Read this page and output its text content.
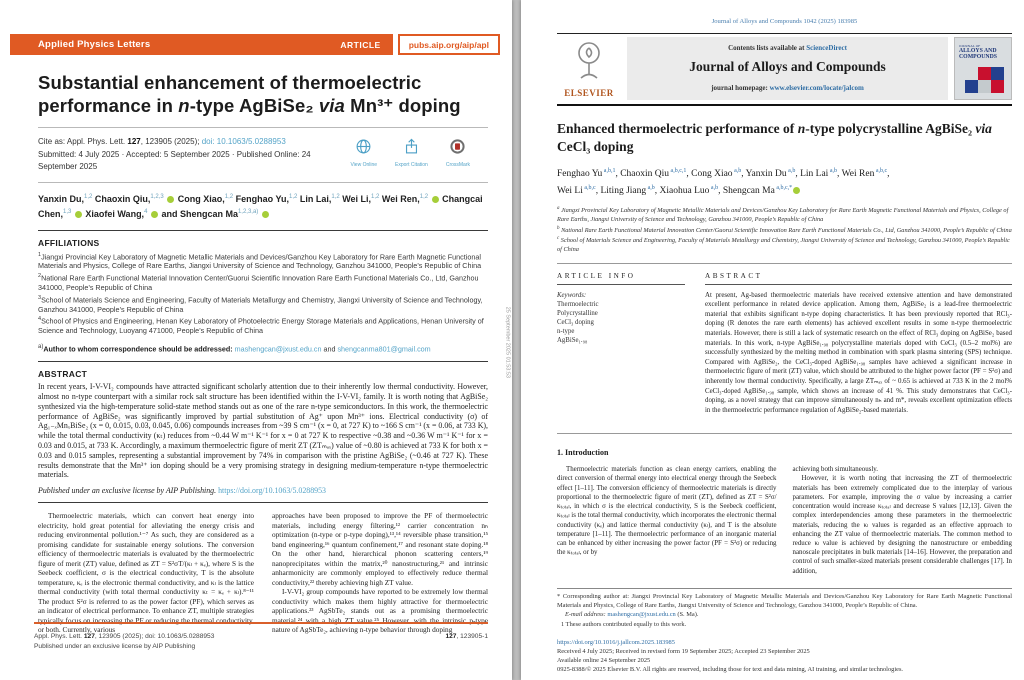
Applied Physics Letters	ARTICLE	pubs.aip.org/aip/apl
Substantial enhancement of thermoelectric performance in n-type AgBiSe₂ via Mn³⁺ doping

Cite as: Appl. Phys. Lett. 127, 123905 (2025); doi: 10.1063/5.0288953

Submitted: 4 July 2025 · Accepted: 5 September 2025 · Published Online: 24 September 2025	View Online	Export Citation	CrossMark

Yanxin Du,$^{1,2}$ Chaoxin Qiu,$^{1,2,3}$ Cong Xiao,$^{1,2}$ Fenghao Yu,$^{1,2}$ Lin Lai,$^{1,2}$ Wei Li,$^{1,2}$ Wei Ren,$^{1,2}$ Changcai Chen,$^{1,3}$ Xiaofei Wang,$^4$ and Shengcan Ma$^{1,2,3,a)}$

AFFILIATIONS

$^1$Jiangxi Provincial Key Laboratory of Magnetic Metallic Materials and Devices/Ganzhou Key Laboratory for Rare Earth Magnetic Functional Materials and Physics, College of Rare Earths, Jiangxi University of Science and Technology, Ganzhou 341000, People’s Republic of China

$^2$National Rare Earth Functional Material Innovation Center/Guorui Scientific Innovation Rare Earth Functional Materials Co., Ltd, Ganzhou 341000, People’s Republic of China

$^3$School of Materials Science and Engineering, Faculty of Materials Metallurgy and Chemistry, Jiangxi University of Science and Technology, Ganzhou 341000, People’s Republic of China

$^4$School of Physics and Engineering, Henan Key Laboratory of Photoelectric Energy Storage Materials and Applications, Henan University of Science and Technology, Luoyang 471000, People’s Republic of China

$^{a)}$Author to whom correspondence should be addressed: mashengcan@jxust.edu.cn and shengcanma801@gmail.com

ABSTRACT

In recent years, I-V-VI₂ compounds have attracted significant scholarly attention due to their inherently low thermal conductivity. However, almost no n-type counterpart with a similar rock salt structure has been identified within the I-V-VI₂ family. It is worth noting that AgBiSe₂ synthesized via the high-temperature solid-state method stands out as one of the rare n-type semiconductors. In this work, the thermoelectric performance of AgBiSe₂ was significantly improved by partial substitution of Ag⁺ upon Mn³⁺ ions. Electrical conductivity (σ) of Ag₁₋ₓMnₓBiSe₂ (x = 0, 0.015, 0.03, 0.045, 0.06) compounds increases from ~39 S cm⁻¹ (x = 0, at 727 K) to ~166 S cm⁻¹ (x = 0.06, at 733 K), while the total thermal conductivity (κₜ) reduces from ~0.44 W m⁻¹ K⁻¹ for x = 0 at 727 K to respective ~0.38 and ~0.36 W m⁻¹ K⁻¹ for x = 0.03 and 0.015, at 733 K. Accordingly, a maximum thermoelectric figure of merit ZT (ZTₘₐₓ) value of ~0.80 is achieved at 733 K for both x = 0.03 and 0.015 samples, representing a substantial improvement by 74% in comparison with the pristine AgBiSe₂ (~0.46 at 727 K). These results demonstrate that the Mn³⁺ ion doping should be a very promising strategy in designing medium-temperature n-type thermoelectric materials.

Published under an exclusive license by AIP Publishing. https://doi.org/10.1063/5.0288953

Thermoelectric materials, which can convert heat energy into electricity, hold great potential for alleviating the energy crisis and reducing environmental pollution.¹⁻⁷ As such, they are considered as a promising candidate for sustainable energy solutions. The conversion efficiency of thermoelectric materials is evaluated by the thermoelectric figure of merit (ZT) value, defined as ZT = S²σT/(κₗ + κₑ), where S is the Seebeck coefficient, σ is the electrical conductivity, T is the absolute temperature, κₑ is the electronic thermal conductivity, and κₗ is the lattice thermal conductivity (with total thermal conductivity κₜ = κₑ + κₗ).⁸⁻¹¹ The product S²σ is referred to as the power factor (PF), which serves as an indicator of electrical performance. To enhance ZT, multiple strategies typically focus on increasing the PF or reducing the thermal conductivity, or both. Currently, various

approaches have been proposed to improve the PF of thermoelectric materials, including energy filtering,¹² carrier concentration nₕ optimization (n-type or p-type doping),¹³,¹⁴ reversible phase transition,¹⁵ band engineering,¹⁶ quantum confinement,¹⁷ and resonant state doping.¹⁸ On the other hand, hierarchical phonon scattering centers,¹⁹ nanoprecipitates within the matrix,²⁰ nanostructuring,²¹ and intrinsic anharmonicity are commonly employed to effectively reduce thermal conductivity,²² thereby achieving high ZT value.

I-V-VI₂ group compounds have reported to be extremely low thermal conductivity which makes them highly attractive for thermoelectric applications.²³ AgSbTe₂ stands out as a promising thermoelectric material,²⁴ with a high ZT value.²⁵ However, with the intrinsic p-type nature of AgSbTe₂, achieving n-type behavior through doping

Appl. Phys. Lett. 127, 123905 (2025); doi: 10.1063/5.0288953
Published under an exclusive license by AIP Publishing
127, 123905-1
25 September 2025 01:53:53
Journal of Alloys and Compounds 1042 (2025) 183985
ELSEVIER
Contents lists available at ScienceDirect
Journal of Alloys and Compounds
journal homepage: www.elsevier.com/locate/jalcom
JOURNAL OF
ALLOYS AND COMPOUNDS
Enhanced thermoelectric performance of n-type polycrystalline AgBiSe₂ via CeCl₃ doping

Fenghao Yu $^{a,b,1}$, Chaoxin Qiu $^{a,b,c,1}$, Cong Xiao $^{a,b}$, Yanxin Du $^{a,b}$, Lin Lai $^{a,b}$, Wei Ren $^{a,b,c}$, Wei Li $^{a,b,c}$, Liting Jiang $^{a,b}$, Xiaohua Luo $^{a,b}$, Shengcan Ma $^{a,b,c,*}$

$^a$ Jiangxi Provincial Key Laboratory of Magnetic Metallic Materials and Devices/Ganzhou Key Laboratory for Rare Earth Magnetic Functional Materials and Physics, College of Rare Earths, Jiangxi University of Science and Technology, Ganzhou 341000, People’s Republic of China

$^b$ National Rare Earth Functional Material Innovation Center/Guorui Scientific Innovation Rare Earth Functional Materials Co., Ltd, Ganzhou 341000, People’s Republic of China

$^c$ School of Materials Science and Engineering, Faculty of Materials Metallurgy and Chemistry, Jiangxi University of Science and Technology, Ganzhou 341000, People’s Republic of China

ARTICLE INFO
Keywords:
Thermoelectric
Polycrystalline
CeCl₃ doping
n-type
AgBiSe₁.₉₈
ABSTRACT

At present, Ag-based thermoelectric materials have received extensive attention and have demonstrated excellent performance in related device application. Among them, AgBiSe₂ is a lead-free thermoelectric material that exhibits significant n-type doping characteristics. It has been previously reported that RCl₃-doping (R denotes the rare earth elements) has achieved excellent results in some n-type thermoelectric materials. However, there is still a lack of systematic research on the effect of RCl₃ doping on AgBiSe₂ based materials. In this work, n-type AgBiSe₁.₉₈ polycrystalline materials doped with CeCl₃ (0.5–2 mol%) are successfully synthesized by the melting method in combination with spark plasma sintering (SPS) technique. Compared with AgBiSe₂, the CeCl₃-doped AgBiSe₁.₉₈ samples have achieved a significant increase in thermoelectric figure of merit (ZT) value, which should be attributed to the higher power factor (PF = S²σ) and inherently low thermal conductivity. Specifically, a large ZTₘₐₓ of ~ 0.65 is achieved at 733 K in the 2 mol% CeCl₃-doped AgBiSe₁.₉₈ sample, which shows an increase of 41 %. This study demonstrates that CeCl₃-doping, as a novel strategy that can improve simultaneously nₕ and m*, reveals excellent optimization effects in the thermoelectric performance regulation of AgBiSe₂-based materials.

1. Introduction

Thermoelectric materials function as clean energy carriers, enabling the direct conversion of thermal energy into electrical energy through the Seebeck effect [1–11]. The conversion efficiency of thermoelectric materials is directly proportional to the thermoelectric figure of merit (ZT), defined as ZT = S²σ/κₜₒₜₐₗ, in which σ is the electrical conductivity, S is the Seebeck coefficient, κₜₒₜₐₗ is the total thermal conductivity, which incorporates the electronic thermal conductivity (κₑ) and lattice thermal conductivity (κₗ), and T is the absolute temperature [1–11]. The thermoelectric performance of an inorganic material can be enhanced by either increasing the power factor (PF = S²σ) or reducing the κₜₒₜₐₗ, or by

achieving both simultaneously.

However, it is worth noting that increasing the ZT of thermoelectric materials has been extremely complicated due to the interplay of various parameters. For example, improving the σ value by increasing a carrier concentration would increase κₜₒₜₐₗ and decrease S values [12,13]. Given the complex interdependencies among these parameters in the thermoelectric materials, reducing the κₗ values is regarded as an effective approach to enhancing the ZT value of thermoelectric materials. The common method to reduce κₗ value is achieved by designing the nanostructure or embedding nanoscale precipitates in bulk materials [14–16]. However, the preparation and control of such smaller-sized materials present considerable challenges [17]. In addition,

* Corresponding author at: Jiangxi Provincial Key Laboratory of Magnetic Metallic Materials and Devices/Ganzhou Key Laboratory for Rare Earth Magnetic Functional Materials and Physics, College of Rare Earths, Jiangxi University of Science and Technology, Ganzhou 341000, People’s Republic of China.
E-mail address: mashengcan@jxust.edu.cn (S. Ma).
1 These authors contributed equally to this work.
https://doi.org/10.1016/j.jallcom.2025.183985
Received 4 July 2025; Received in revised form 19 September 2025; Accepted 23 September 2025
Available online 24 September 2025
0925-8388/© 2025 Elsevier B.V. All rights are reserved, including those for text and data mining, AI training, and similar technologies.
